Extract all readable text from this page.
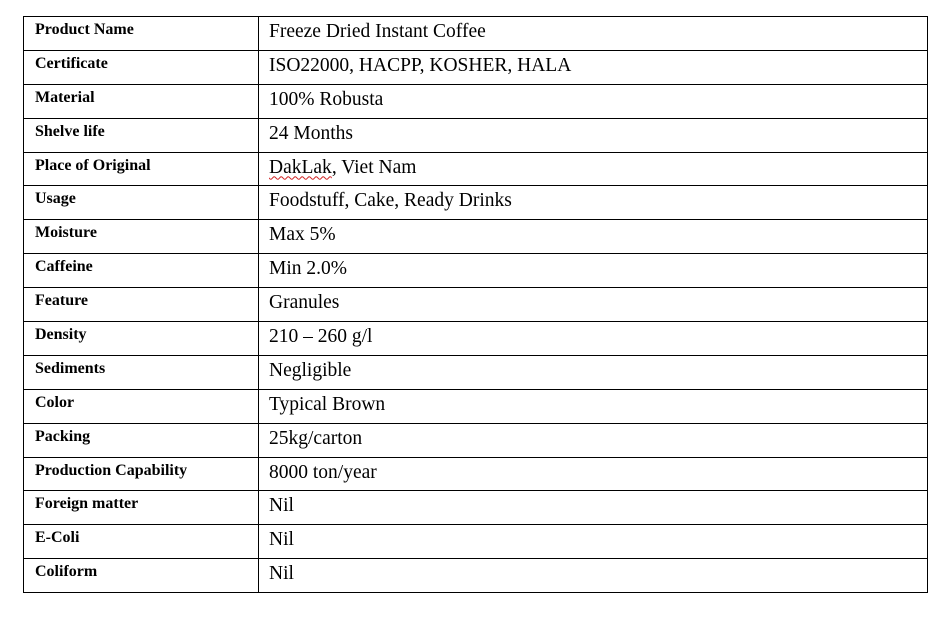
Product Name	Freeze Dried Instant Coffee
Certificate	ISO22000, HACPP, KOSHER, HALA
Material	100% Robusta
Shelve life	24 Months
Place of Original	DakLak, Viet Nam
Usage	Foodstuff, Cake, Ready Drinks
Moisture	Max 5%
Caffeine	Min 2.0%
Feature	Granules
Density	210 – 260 g/l
Sediments	Negligible
Color	Typical Brown
Packing	25kg/carton
Production Capability	8000 ton/year
Foreign matter	Nil
E-Coli	Nil
Coliform	Nil
